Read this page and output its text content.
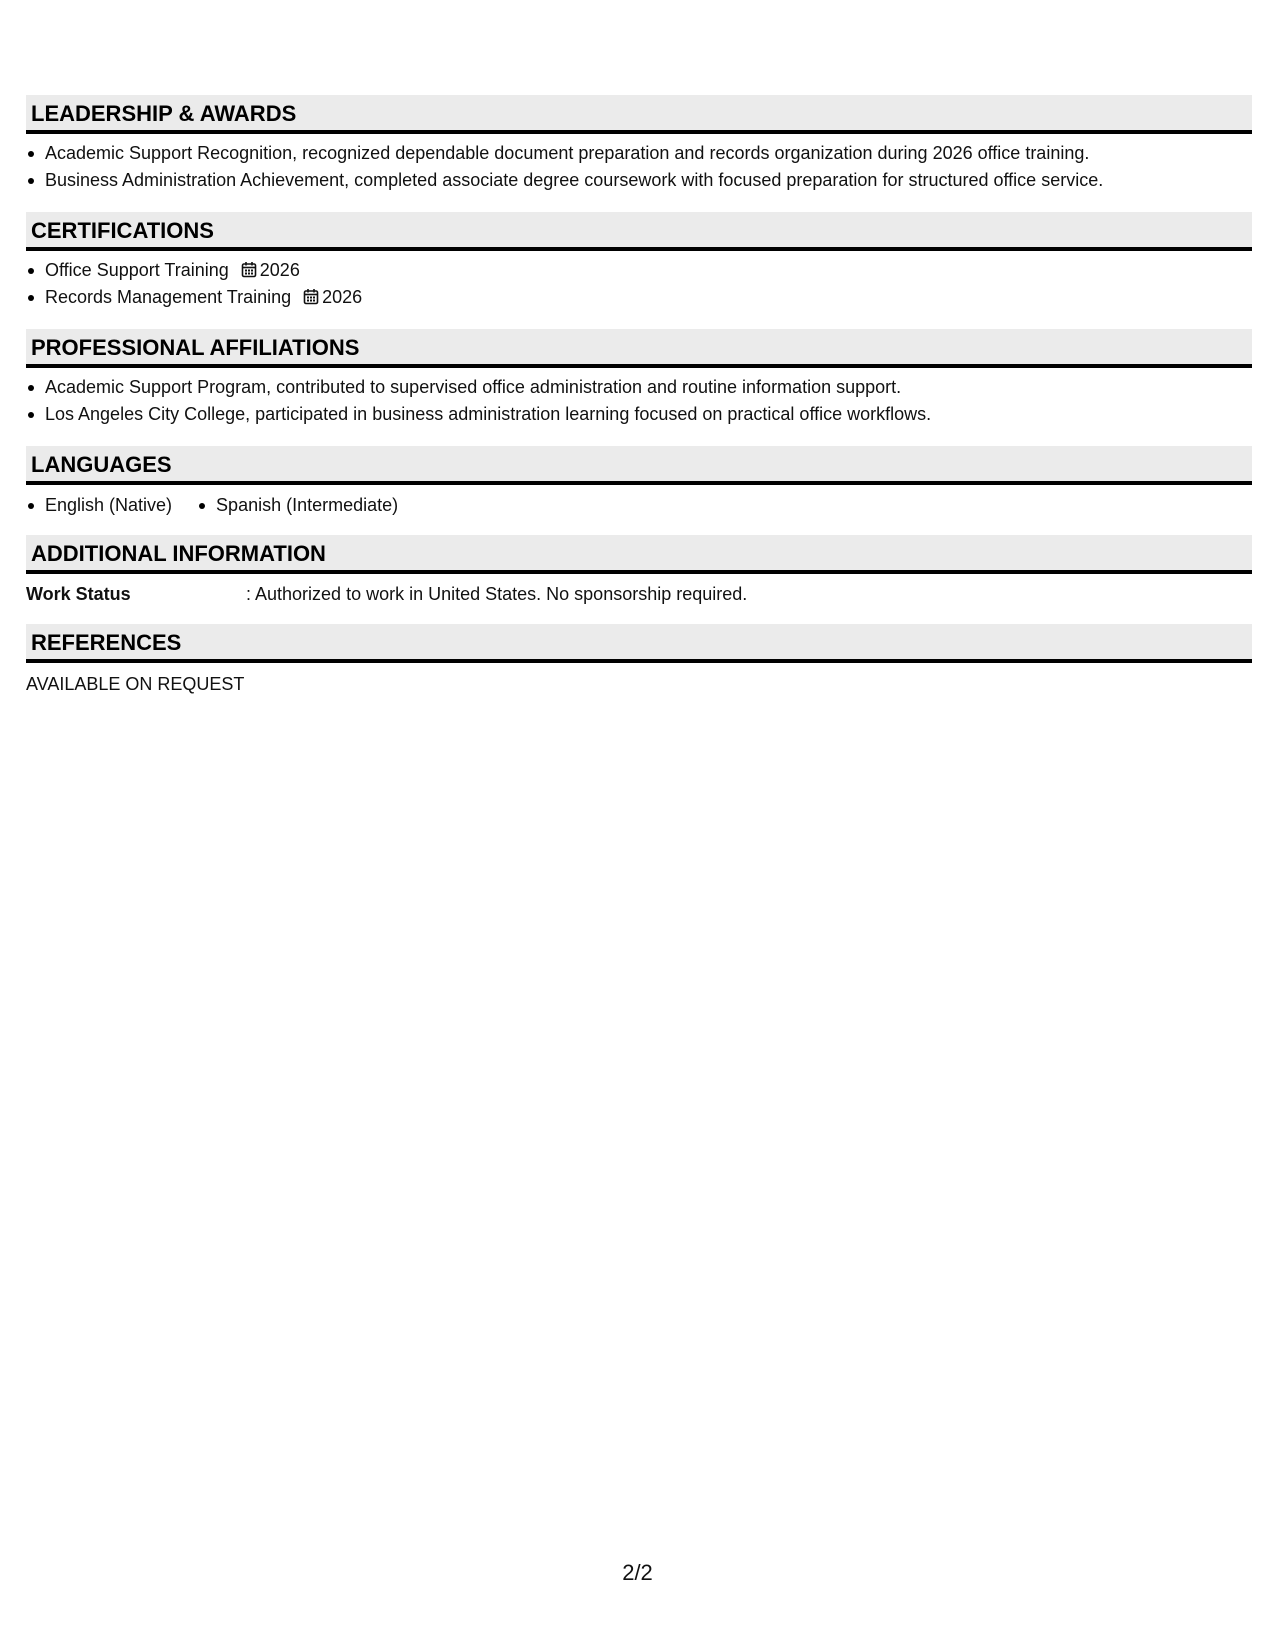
LEADERSHIP & AWARDS
Academic Support Recognition, recognized dependable document preparation and records organization during 2026 office training.
Business Administration Achievement, completed associate degree coursework with focused preparation for structured office service.
CERTIFICATIONS
Office Support Training 2026
Records Management Training 2026
PROFESSIONAL AFFILIATIONS
Academic Support Program, contributed to supervised office administration and routine information support.
Los Angeles City College, participated in business administration learning focused on practical office workflows.
LANGUAGES
English (Native)	Spanish (Intermediate)
ADDITIONAL INFORMATION
Work Status	: Authorized to work in United States. No sponsorship required.
REFERENCES
AVAILABLE ON REQUEST
2/2
